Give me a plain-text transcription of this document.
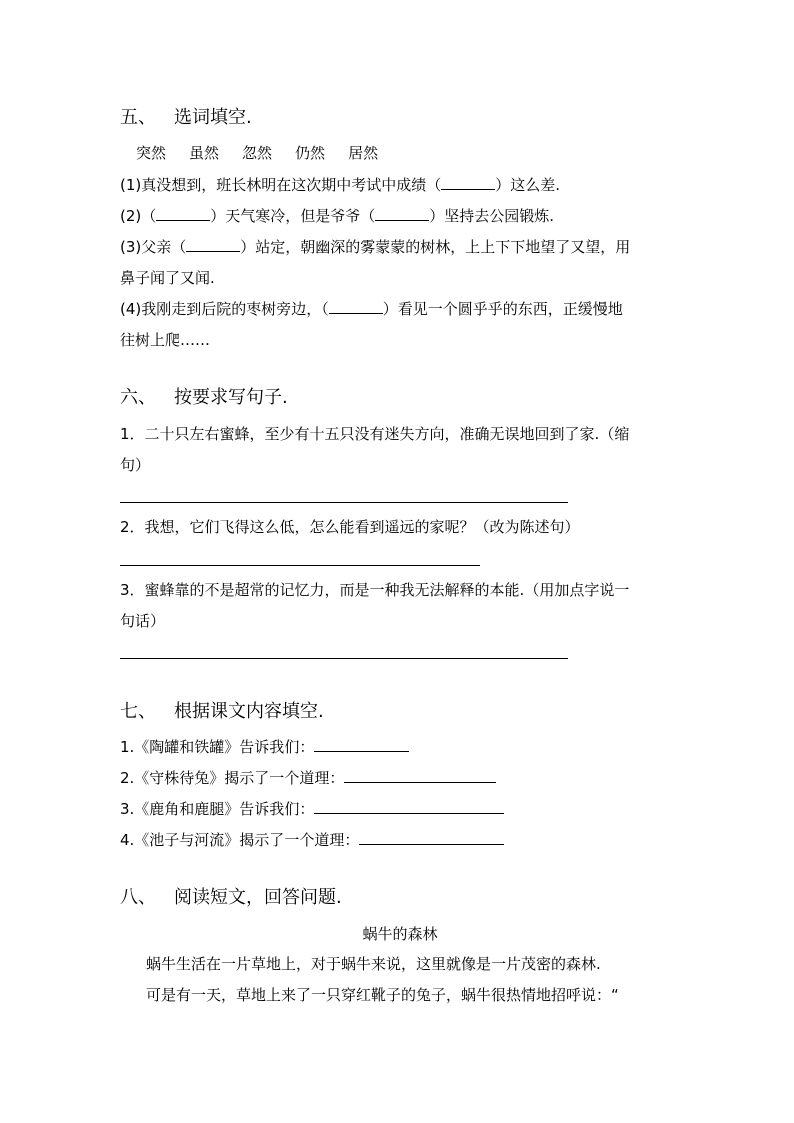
五、 选词填空.
突然 虽然 忽然 仍然 居然
(1)真没想到，班长林明在这次期中考试中成绩（	）这么差.
(2)（	）天气寒冷，但是爷爷（	）坚持去公园锻炼.
(3)父亲（	）站定，朝幽深的雾蒙蒙的树林，上上下下地望了又望，用
鼻子闻了又闻.
(4)我刚走到后院的枣树旁边，（	）看见一个圆乎乎的东西，正缓慢地
往树上爬……
六、 按要求写句子.
1．二十只左右蜜蜂，至少有十五只没有迷失方向，准确无误地回到了家.（缩
句）
2．我想，它们飞得这么低，怎么能看到遥远的家呢？（改为陈述句）
3．蜜蜂靠的不是超常的记忆力，而是一种我无法解释的本能.（用加点字说一
句话）
七、 根据课文内容填空.
1.《陶罐和铁罐》告诉我们：
2.《守株待兔》揭示了一个道理：
3.《鹿角和鹿腿》告诉我们：
4.《池子与河流》揭示了一个道理：
八、 阅读短文，回答问题.
蜗牛的森林
蜗牛生活在一片草地上，对于蜗牛来说，这里就像是一片茂密的森林.
可是有一天，草地上来了一只穿红靴子的兔子，蜗牛很热情地招呼说：“
